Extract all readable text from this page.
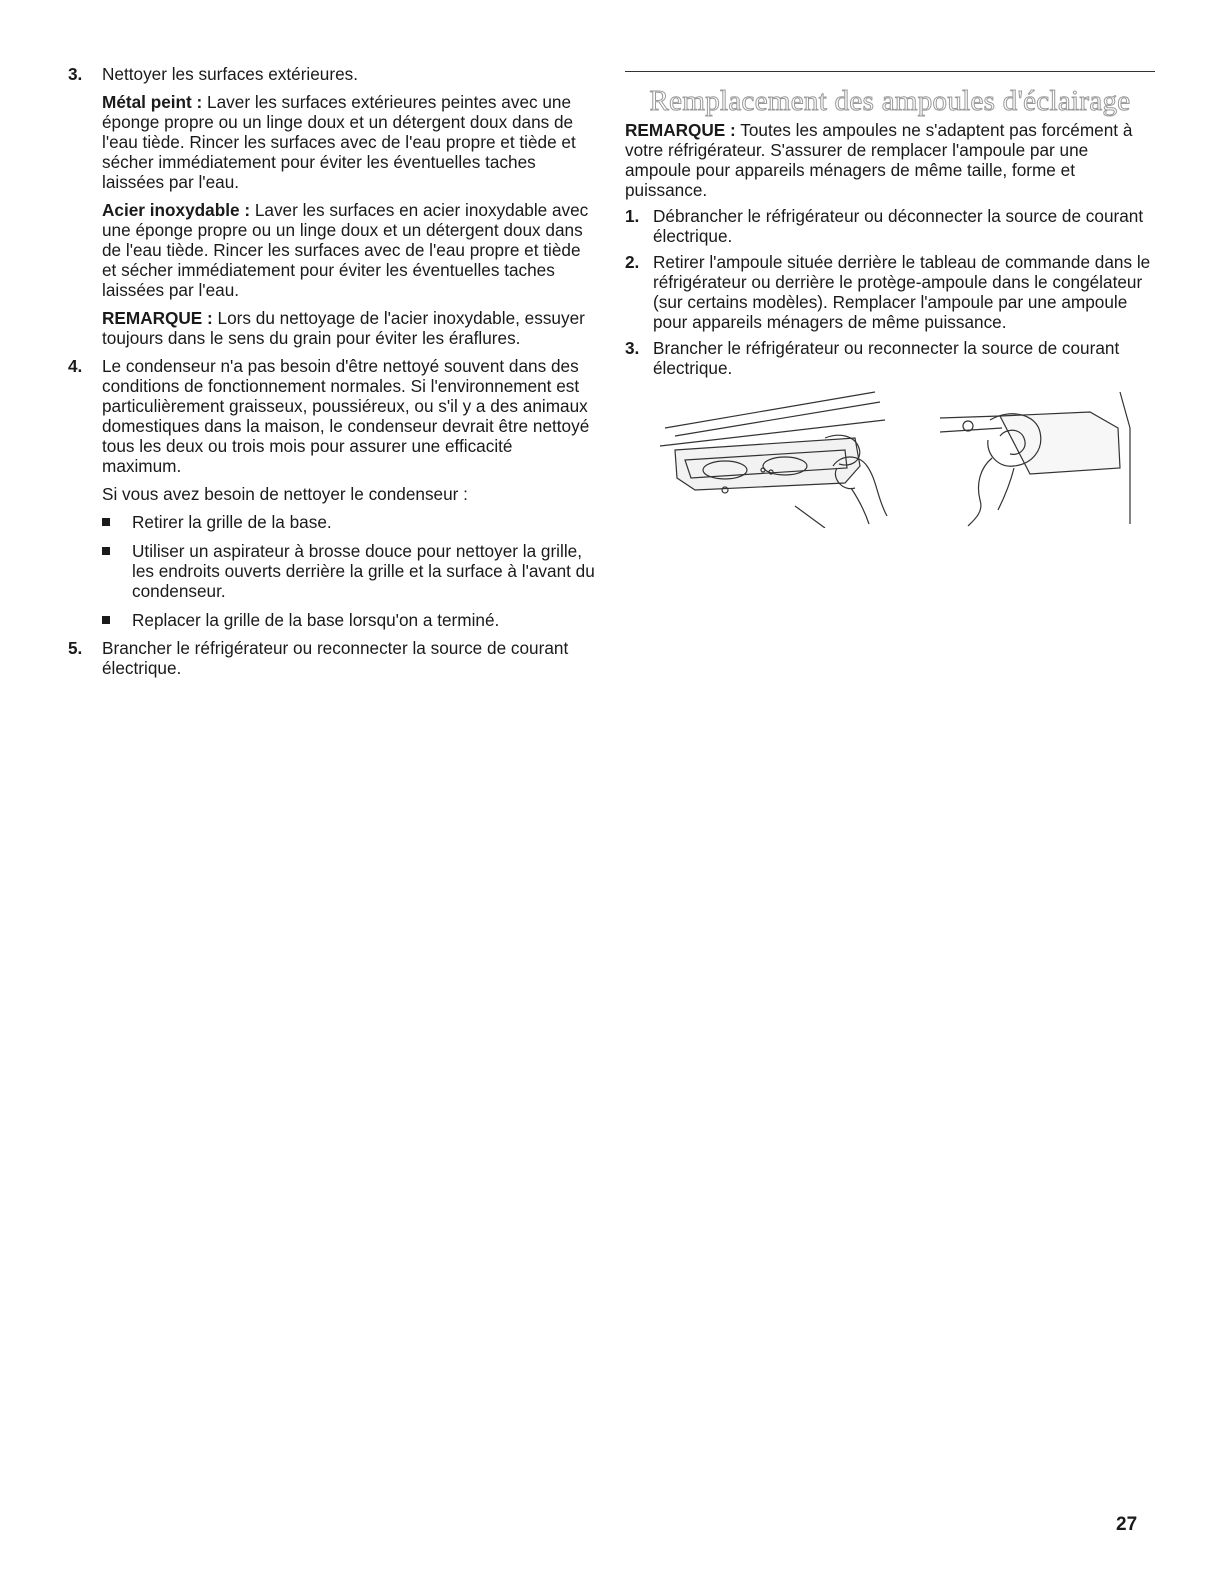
3. Nettoyer les surfaces extérieures.

Métal peint : Laver les surfaces extérieures peintes avec une éponge propre ou un linge doux et un détergent doux dans de l'eau tiède. Rincer les surfaces avec de l'eau propre et tiède et sécher immédiatement pour éviter les éventuelles taches laissées par l'eau.

Acier inoxydable : Laver les surfaces en acier inoxydable avec une éponge propre ou un linge doux et un détergent doux dans de l'eau tiède. Rincer les surfaces avec de l'eau propre et tiède et sécher immédiatement pour éviter les éventuelles taches laissées par l'eau.

REMARQUE : Lors du nettoyage de l'acier inoxydable, essuyer toujours dans le sens du grain pour éviter les éraflures.

4. Le condenseur n'a pas besoin d'être nettoyé souvent dans des conditions de fonctionnement normales. Si l'environnement est particulièrement graisseux, poussiéreux, ou s'il y a des animaux domestiques dans la maison, le condenseur devrait être nettoyé tous les deux ou trois mois pour assurer une efficacité maximum.

Si vous avez besoin de nettoyer le condenseur :

Retirer la grille de la base.
Utiliser un aspirateur à brosse douce pour nettoyer la grille, les endroits ouverts derrière la grille et la surface à l'avant du condenseur.
Replacer la grille de la base lorsqu'on a terminé.
5. Brancher le réfrigérateur ou reconnecter la source de courant électrique.

Remplacement des ampoules d'éclairage

REMARQUE : Toutes les ampoules ne s'adaptent pas forcément à votre réfrigérateur. S'assurer de remplacer l'ampoule par une ampoule pour appareils ménagers de même taille, forme et puissance.

1. Débrancher le réfrigérateur ou déconnecter la source de courant électrique.
2. Retirer l'ampoule située derrière le tableau de commande dans le réfrigérateur ou derrière le protège-ampoule dans le congélateur (sur certains modèles). Remplacer l'ampoule par une ampoule pour appareils ménagers de même puissance.
3. Brancher le réfrigérateur ou reconnecter la source de courant électrique.
27
